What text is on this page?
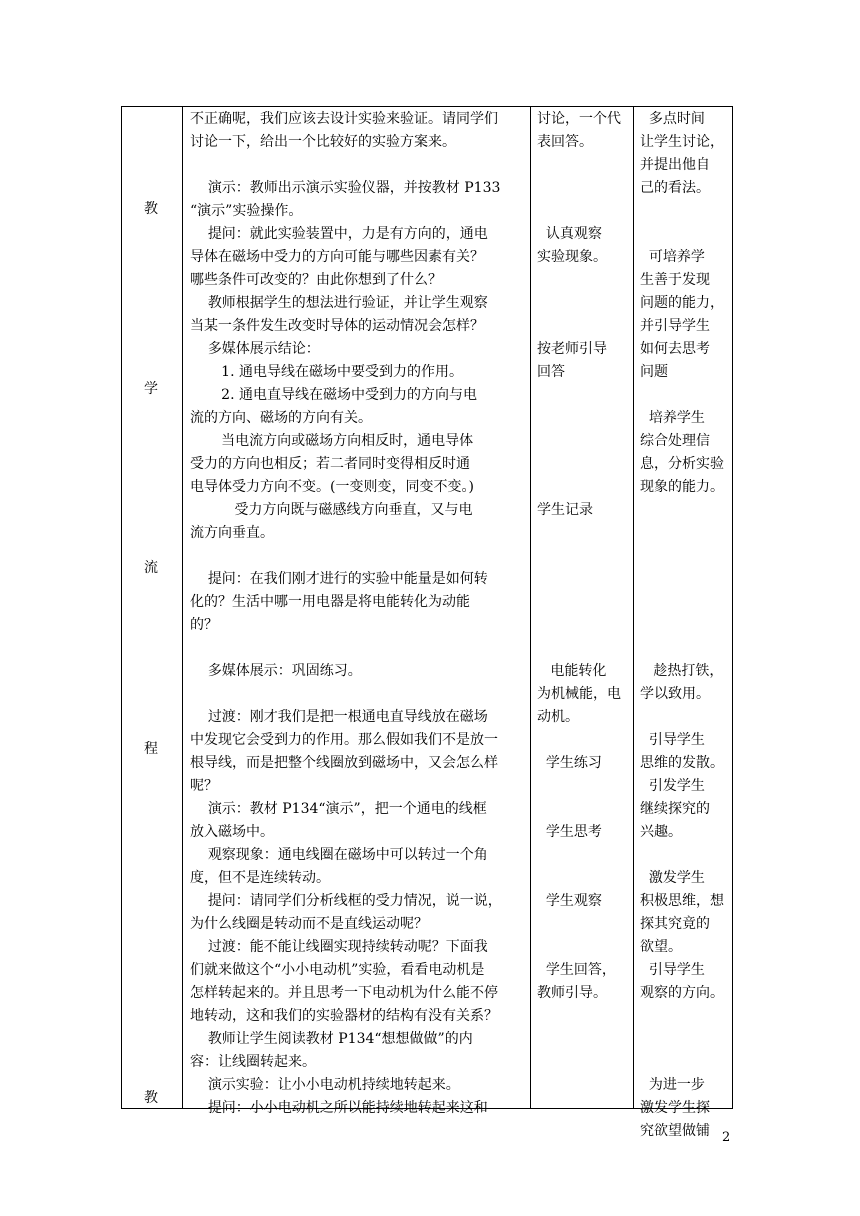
教
学
流
程
教

不正确呢，我们应该去设计实验来验证。请同学们

讨论一下，给出一个比较好的实验方案来。

演示：教师出示演示实验仪器，并按教材 P133

“演示”实验操作。

提问：就此实验装置中，力是有方向的，通电

导体在磁场中受力的方向可能与哪些因素有关？

哪些条件可改变的？由此你想到了什么？

教师根据学生的想法进行验证，并让学生观察

当某一条件发生改变时导体的运动情况会怎样？

多媒体展示结论：

1. 通电导线在磁场中要受到力的作用。

2. 通电直导线在磁场中受到力的方向与电

流的方向、磁场的方向有关。

当电流方向或磁场方向相反时，通电导体

受力的方向也相反；若二者同时变得相反时通

电导体受力方向不变。(一变则变，同变不变。)

受力方向既与磁感线方向垂直，又与电

流方向垂直。

提问：在我们刚才进行的实验中能量是如何转

化的？生活中哪一用电器是将电能转化为动能

的？

多媒体展示：巩固练习。

过渡：刚才我们是把一根通电直导线放在磁场

中发现它会受到力的作用。那么假如我们不是放一

根导线，而是把整个线圈放到磁场中，又会怎么样

呢？

演示：教材 P134“演示”，把一个通电的线框

放入磁场中。

观察现象：通电线圈在磁场中可以转过一个角

度，但不是连续转动。

提问：请同学们分析线框的受力情况，说一说，

为什么线圈是转动而不是直线运动呢？

过渡：能不能让线圈实现持续转动呢？下面我

们就来做这个“小小电动机”实验，看看电动机是

怎样转起来的。并且思考一下电动机为什么能不停

地转动，这和我们的实验器材的结构有没有关系？

教师让学生阅读教材 P134“想想做做”的内

容：让线圈转起来。

演示实验：让小小电动机持续地转起来。

提问：小小电动机之所以能持续地转起来这和

讨论，一个代

表回答。

认真观察

实验现象。

按老师引导

回答

学生记录

电能转化

为机械能，电

动机。

学生练习

学生思考

学生观察

学生回答，

教师引导。

多点时间

让学生讨论，

并提出他自

己的看法。

可培养学

生善于发现

问题的能力，

并引导学生

如何去思考

问题

培养学生

综合处理信

息，分析实验

现象的能力。

趁热打铁，

学以致用。

引导学生

思维的发散。

引发学生

继续探究的

兴趣。

激发学生

积极思维，想

探其究竟的

欲望。

引导学生

观察的方向。

为进一步

激发学生探

究欲望做铺 2
